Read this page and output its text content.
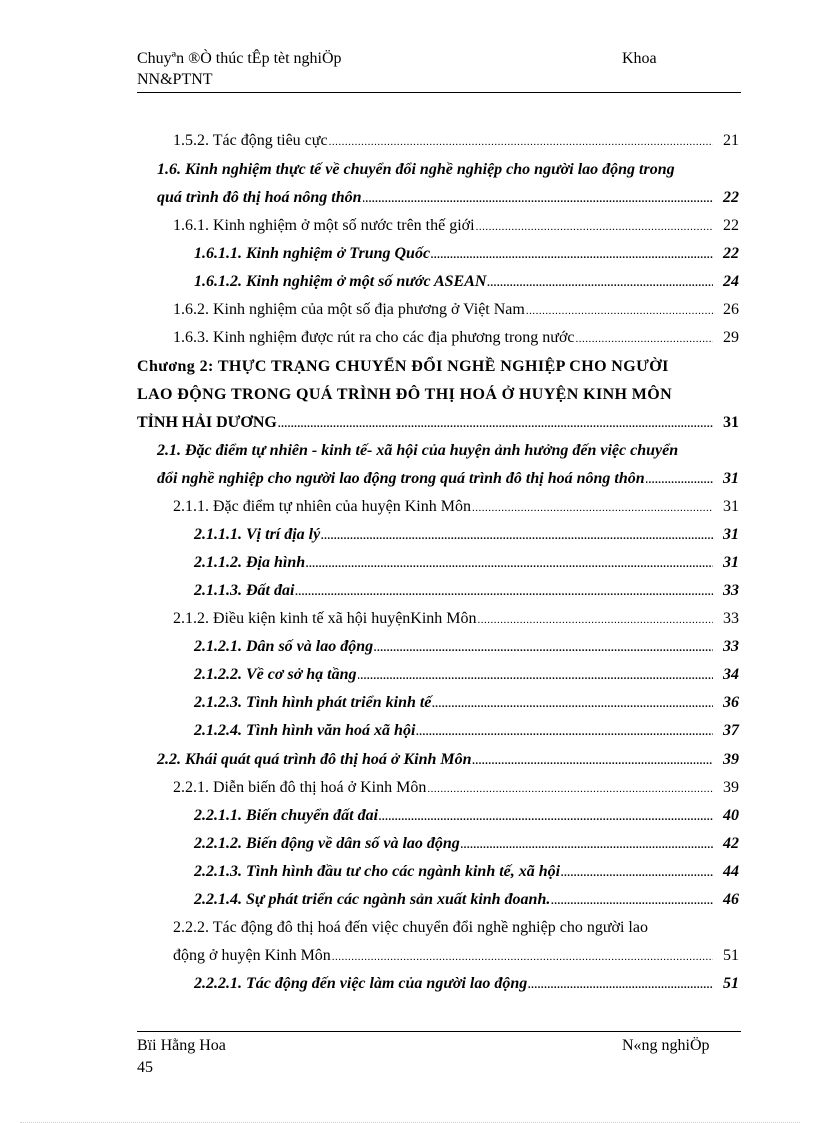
Chuyªn ®Ò thúc tÊp tèt nghiÖp	Khoa
NN&PTNT
1.5.2. Tác động tiêu cực .....	21
1.6. Kinh nghiệm thực tế về chuyển đổi nghề nghiệp cho người lao động trong
quá trình đô thị hoá nông thôn .....	22
1.6.1. Kinh nghiệm ở một số nước trên thế giới .....	22
1.6.1.1. Kinh nghiệm ở Trung Quốc .....	22
1.6.1.2. Kinh nghiệm ở một số nước ASEAN .....	24
1.6.2. Kinh nghiệm của một số địa phương ở Việt Nam .....	26
1.6.3. Kinh nghiệm được rút ra cho các địa phương trong nước .....	29
Chương 2: THỰC TRẠNG CHUYỂN ĐỔI NGHỀ NGHIỆP CHO NGƯỜI
LAO ĐỘNG TRONG QUÁ TRÌNH ĐÔ THỊ HOÁ Ở HUYỆN KINH MÔN
TỈNH HẢI DƯƠNG .....	31
2.1. Đặc điểm tự nhiên - kinh tế- xã hội của huyện ảnh hưởng đến việc chuyển
đổi nghề nghiệp cho người lao động trong quá trình đô thị hoá nông thôn .....	31
2.1.1. Đặc điểm tự nhiên của huyện Kinh Môn .....	31
2.1.1.1. Vị trí địa lý .....	31
2.1.1.2. Địa hình .....	31
2.1.1.3. Đất đai .....	33
2.1.2. Điều kiện kinh tế xã hội huyệnKinh Môn .....	33
2.1.2.1. Dân số và lao động .....	33
2.1.2.2. Về cơ sở hạ tầng .....	34
2.1.2.3. Tình hình phát triển kinh tế .....	36
2.1.2.4. Tình hình văn hoá xã hội .....	37
2.2. Khái quát quá trình đô thị hoá ở Kinh Môn .....	39
2.2.1. Diễn biến đô thị hoá ở Kinh Môn .....	39
2.2.1.1. Biến chuyển đất đai .....	40
2.2.1.2. Biến động về dân số và lao động .....	42
2.2.1.3. Tình hình đầu tư cho các ngành kinh tế, xã hội .....	44
2.2.1.4. Sự phát triển các ngành sản xuất kinh đoanh. .....	46
2.2.2. Tác động đô thị hoá đến việc chuyển đổi nghề nghiệp cho người lao
động ở huyện Kinh Môn .....	51
2.2.2.1. Tác động đến việc làm của người lao động .....	51
Bïi Hằng Hoa	N«ng nghiÖp
45
